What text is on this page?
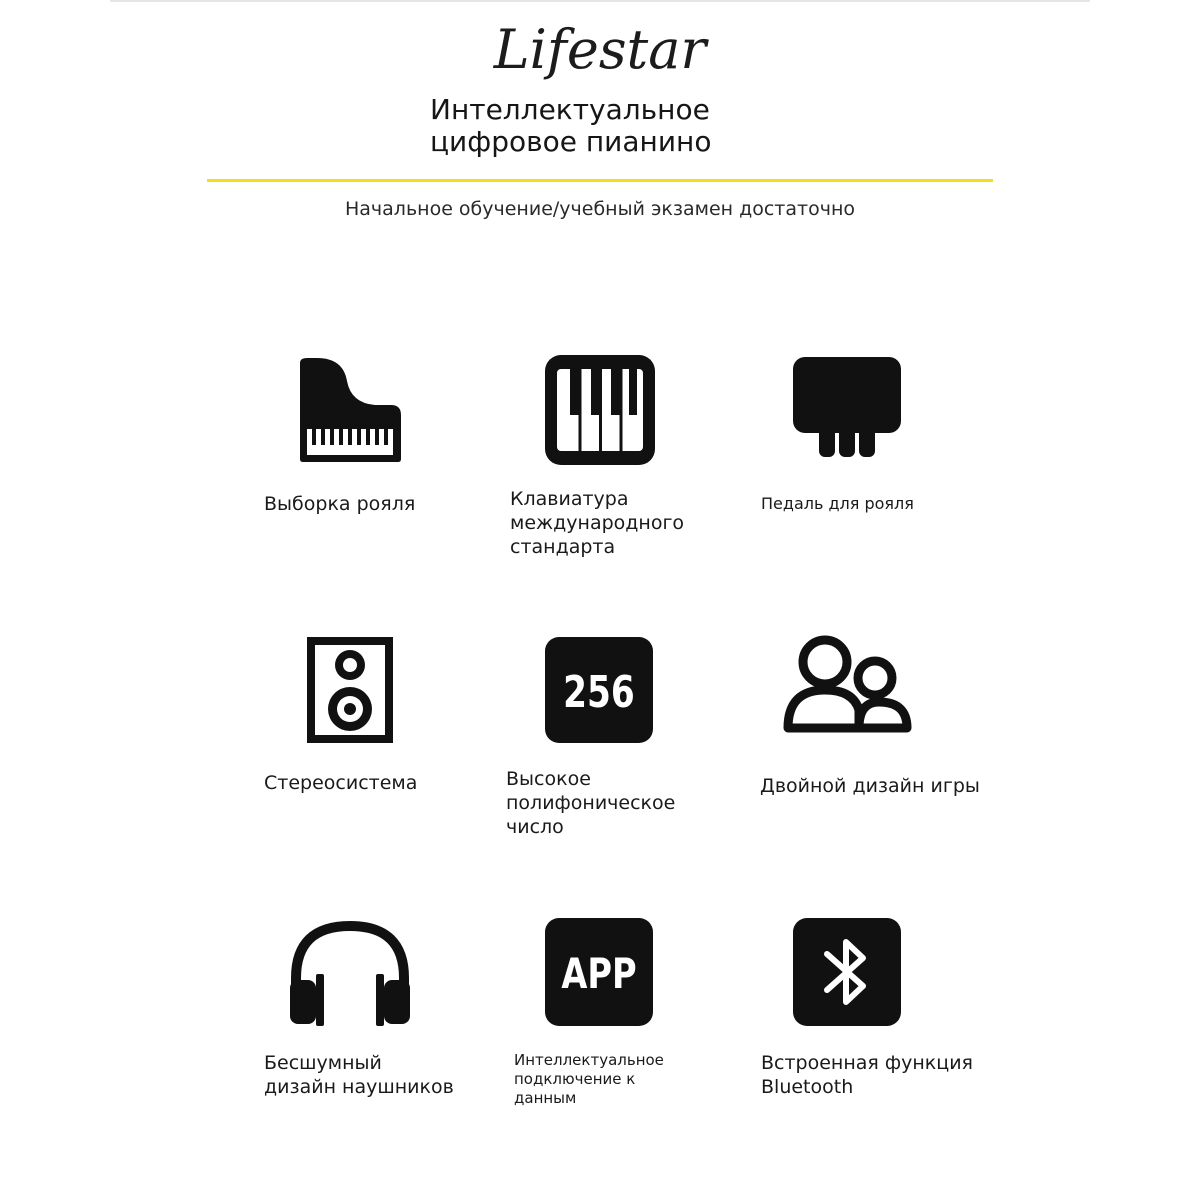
Lifestar
Интеллектуальное
цифровое пианино
Начальное обучение/учебный экзамен достаточно
Выборка рояля	Клавиатура
международного
стандарта
Педаль для рояля
Стереосистема
256
Высокое
полифоническое
число
Двойной дизайн игры
Бесшумный
дизайн наушников
APP
Интеллектуальное
подключение к
данным
Встроенная функция
Bluetooth
